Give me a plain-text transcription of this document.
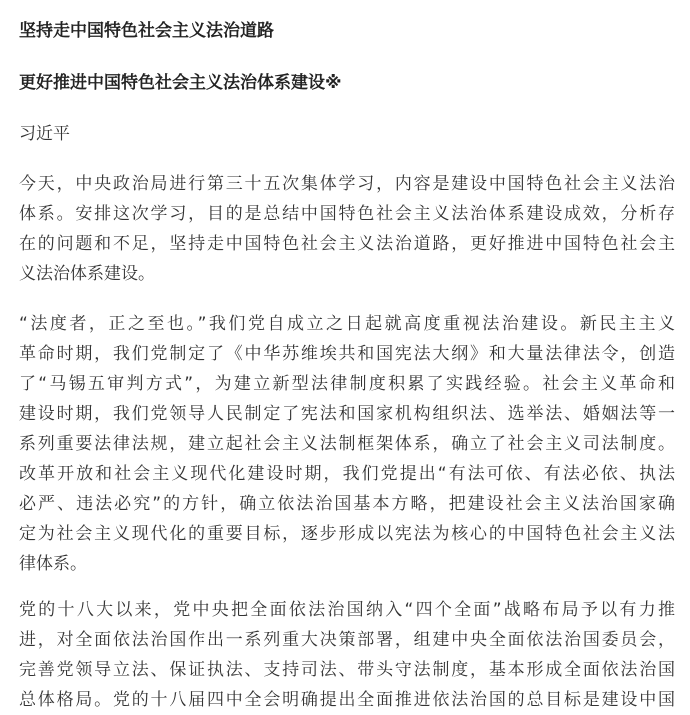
坚持走中国特色社会主义法治道路
更好推进中国特色社会主义法治体系建设※
习近平
今天，中央政治局进行第三十五次集体学习，内容是建设中国特色社会主义法治
体系。安排这次学习，目的是总结中国特色社会主义法治体系建设成效，分析存
在的问题和不足，坚持走中国特色社会主义法治道路，更好推进中国特色社会主
义法治体系建设。
“法度者，正之至也。”我们党自成立之日起就高度重视法治建设。新民主主义
革命时期，我们党制定了《中华苏维埃共和国宪法大纲》和大量法律法令，创造
了“马锡五审判方式”，为建立新型法律制度积累了实践经验。社会主义革命和
建设时期，我们党领导人民制定了宪法和国家机构组织法、选举法、婚姻法等一
系列重要法律法规，建立起社会主义法制框架体系，确立了社会主义司法制度。
改革开放和社会主义现代化建设时期，我们党提出“有法可依、有法必依、执法
必严、违法必究”的方针，确立依法治国基本方略，把建设社会主义法治国家确
定为社会主义现代化的重要目标，逐步形成以宪法为核心的中国特色社会主义法
律体系。
党的十八大以来，党中央把全面依法治国纳入“四个全面”战略布局予以有力推
进，对全面依法治国作出一系列重大决策部署，组建中央全面依法治国委员会，
完善党领导立法、保证执法、支持司法、带头守法制度，基本形成全面依法治国
总体格局。党的十八届四中全会明确提出全面推进依法治国的总目标是建设中国
